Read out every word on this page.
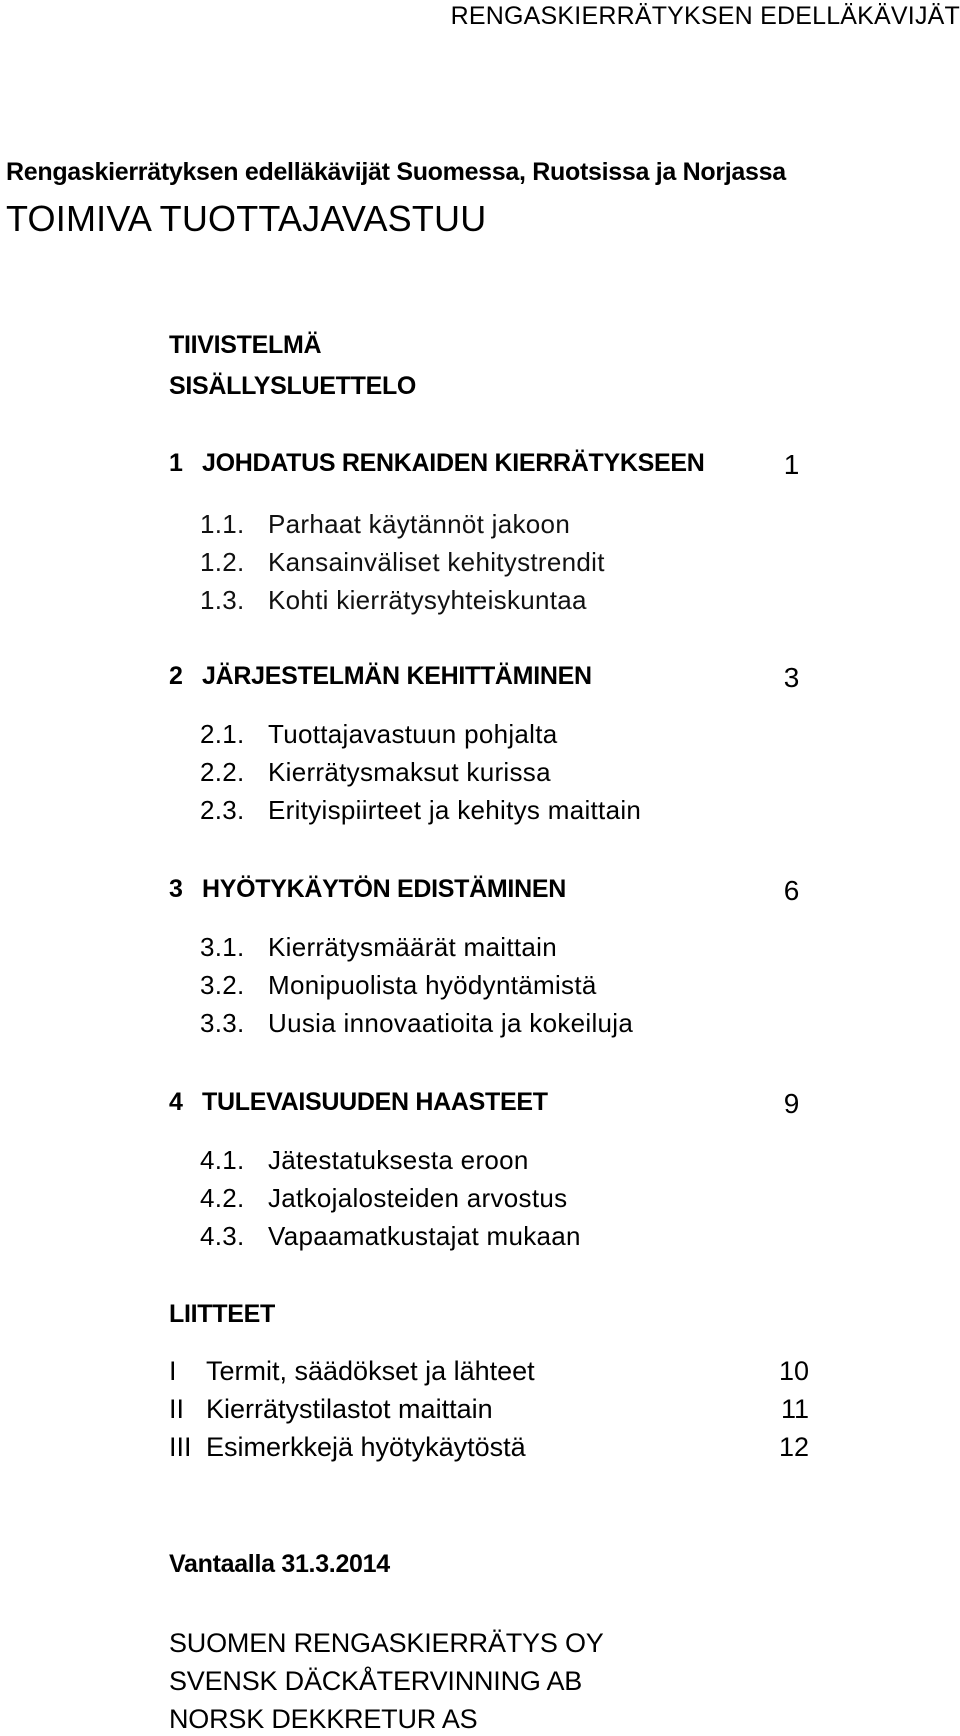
RENGASKIERRÄTYKSEN EDELLÄKÄVIJÄT
Rengaskierrätyksen edelläkävijät Suomessa, Ruotsissa ja Norjassa
TOIMIVA TUOTTAJAVASTUU
TIIVISTELMÄ
SISÄLLYSLUETTELO
1 JOHDATUS RENKAIDEN KIERRÄTYKSEEN	1
1.1. Parhaat käytännöt jakoon
1.2. Kansainväliset kehitystrendit
1.3. Kohti kierrätysyhteiskuntaa
2 JÄRJESTELMÄN KEHITTÄMINEN	3
2.1. Tuottajavastuun pohjalta
2.2. Kierrätysmaksut kurissa
2.3. Erityispiirteet ja kehitys maittain
3 HYÖTYKÄYTÖN EDISTÄMINEN	6
3.1. Kierrätysmäärät maittain
3.2. Monipuolista hyödyntämistä
3.3. Uusia innovaatioita ja kokeiluja
4 TULEVAISUUDEN HAASTEET	9
4.1. Jätestatuksesta eroon
4.2. Jatkojalosteiden arvostus
4.3. Vapaamatkustajat mukaan
LIITTEET
I Termit, säädökset ja lähteet	10
II Kierrätystilastot maittain	11
III Esimerkkejä hyötykäytöstä	12
Vantaalla 31.3.2014
SUOMEN RENGASKIERRÄTYS OY
SVENSK DÄCKÅTERVINNING AB
NORSK DEKKRETUR AS
